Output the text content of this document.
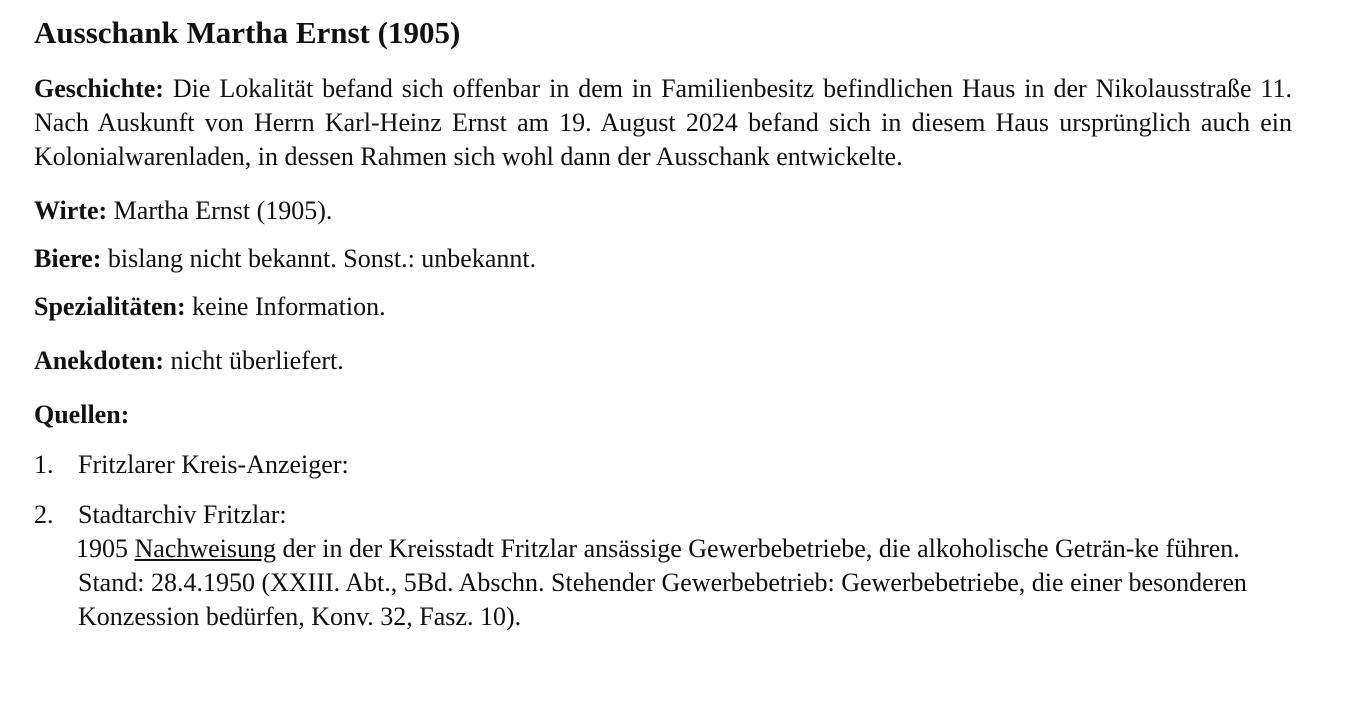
Ausschank Martha Ernst (1905)

Geschichte: Die Lokalität befand sich offenbar in dem in Familienbesitz befindlichen Haus in der Nikolausstraße 11. Nach Auskunft von Herrn Karl-Heinz Ernst am 19. August 2024 befand sich in diesem Haus ursprünglich auch ein Kolonialwarenladen, in dessen Rahmen sich wohl dann der Ausschank entwickelte.

Wirte: Martha Ernst (1905).

Biere: bislang nicht bekannt. Sonst.: unbekannt.

Spezialitäten: keine Information.

Anekdoten: nicht überliefert.

Quellen:

1. Fritzlarer Kreis-Anzeiger:
2. Stadtarchiv Fritzlar:
1905 Nachweisung der in der Kreisstadt Fritzlar ansässige Gewerbebetriebe, die alkoholische Geträn-ke führen. Stand: 28.4.1950 (XXIII. Abt., 5Bd. Abschn. Stehender Gewerbebetrieb: Gewerbebetriebe, die einer besonderen Konzession bedürfen, Konv. 32, Fasz. 10).
